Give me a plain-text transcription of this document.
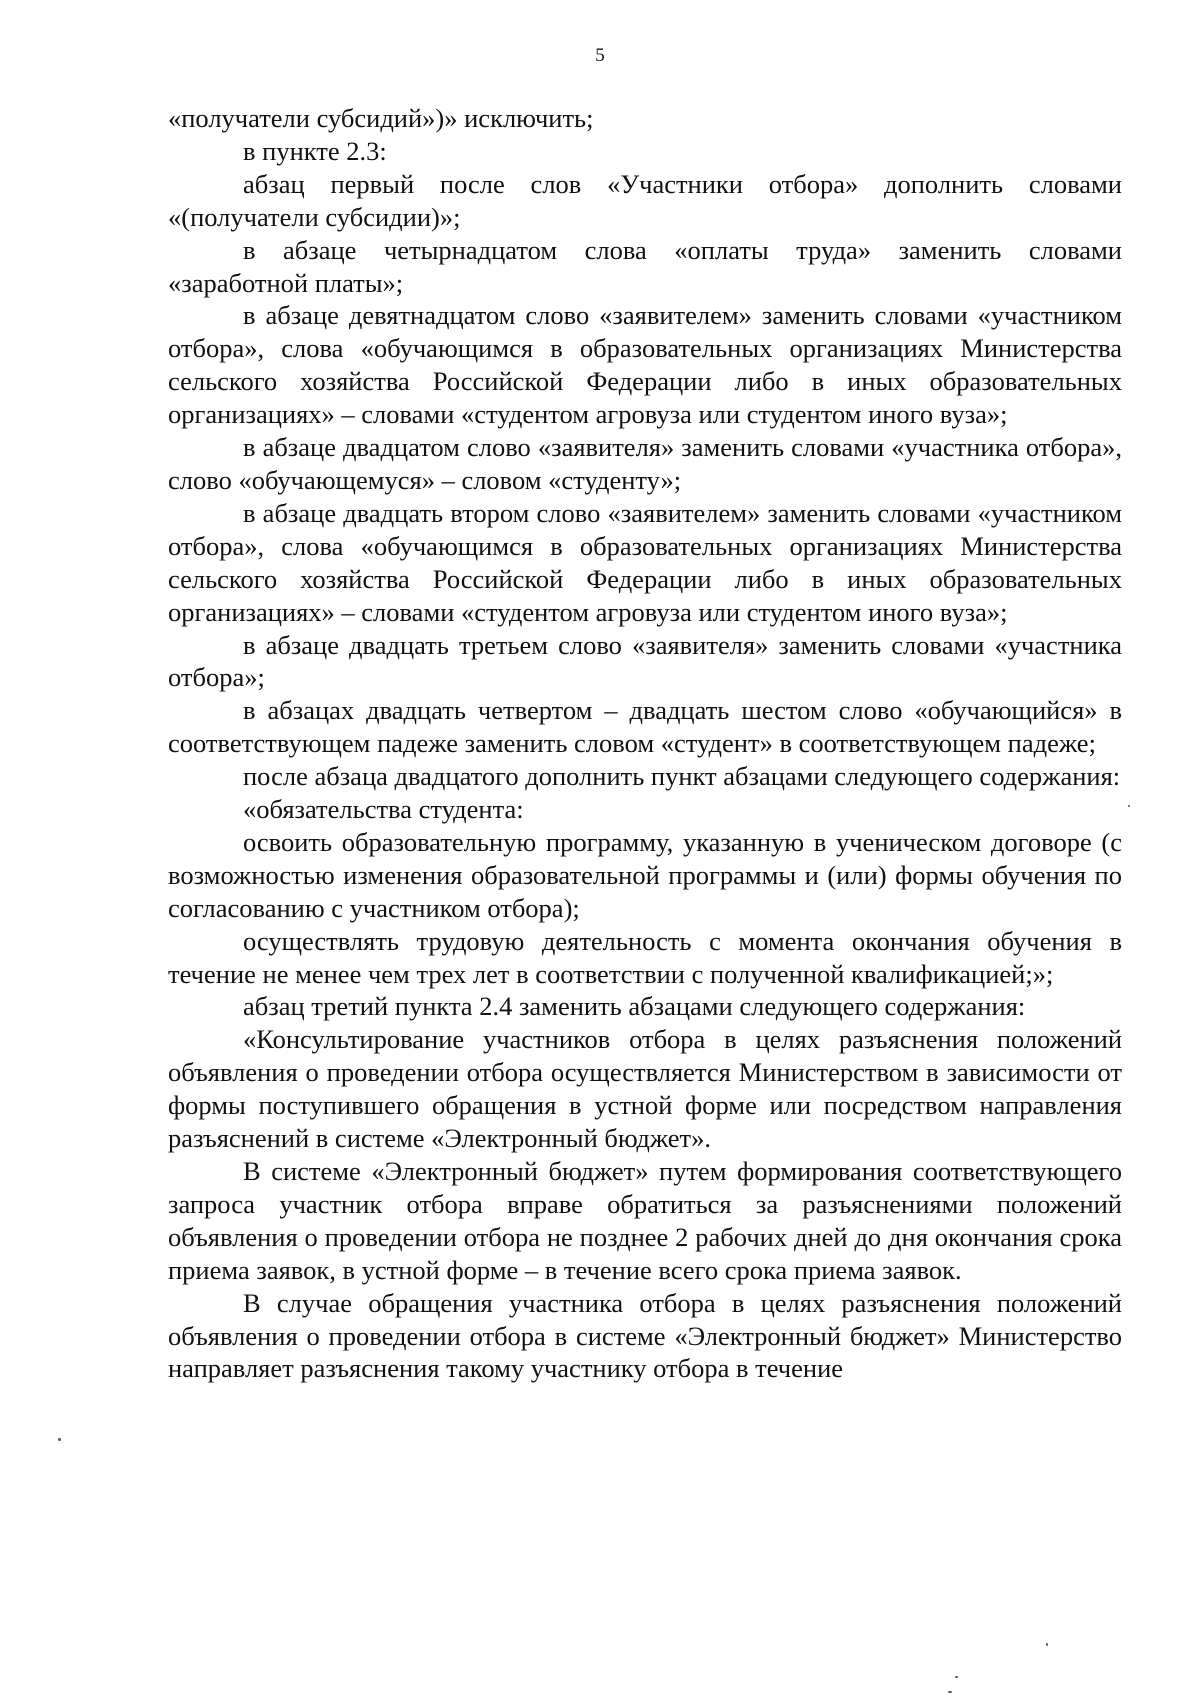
5

«получатели субсидий»)» исключить;

в пункте 2.3:

абзац первый после слов «Участники отбора» дополнить словами «(получатели субсидии)»;

в абзаце четырнадцатом слова «оплаты труда» заменить словами «заработной платы»;

в абзаце девятнадцатом слово «заявителем» заменить словами «участником отбора», слова «обучающимся в образовательных организациях Министерства сельского хозяйства Российской Федерации либо в иных образовательных организациях» – словами «студентом агровуза или студентом иного вуза»;

в абзаце двадцатом слово «заявителя» заменить словами «участника отбора», слово «обучающемуся» – словом «студенту»;

в абзаце двадцать втором слово «заявителем» заменить словами «участником отбора», слова «обучающимся в образовательных организациях Министерства сельского хозяйства Российской Федерации либо в иных образовательных организациях» – словами «студентом агровуза или студентом иного вуза»;

в абзаце двадцать третьем слово «заявителя» заменить словами «участника отбора»;

в абзацах двадцать четвертом – двадцать шестом слово «обучающийся» в соответствующем падеже заменить словом «студент» в соответствующем падеже;

после абзаца двадцатого дополнить пункт абзацами следующего содержания:

«обязательства студента:

освоить образовательную программу, указанную в ученическом договоре (с возможностью изменения образовательной программы и (или) формы обучения по согласованию с участником отбора);

осуществлять трудовую деятельность с момента окончания обучения в течение не менее чем трех лет в соответствии с полученной квалификацией;»;

абзац третий пункта 2.4 заменить абзацами следующего содержания:

«Консультирование участников отбора в целях разъяснения положений объявления о проведении отбора осуществляется Министерством в зависимости от формы поступившего обращения в устной форме или посредством направления разъяснений в системе «Электронный бюджет».

В системе «Электронный бюджет» путем формирования соответствующего запроса участник отбора вправе обратиться за разъяснениями положений объявления о проведении отбора не позднее 2 рабочих дней до дня окончания срока приема заявок, в устной форме – в течение всего срока приема заявок.

В случае обращения участника отбора в целях разъяснения положений объявления о проведении отбора в системе «Электронный бюджет» Министерство направляет разъяснения такому участнику отбора в течение
